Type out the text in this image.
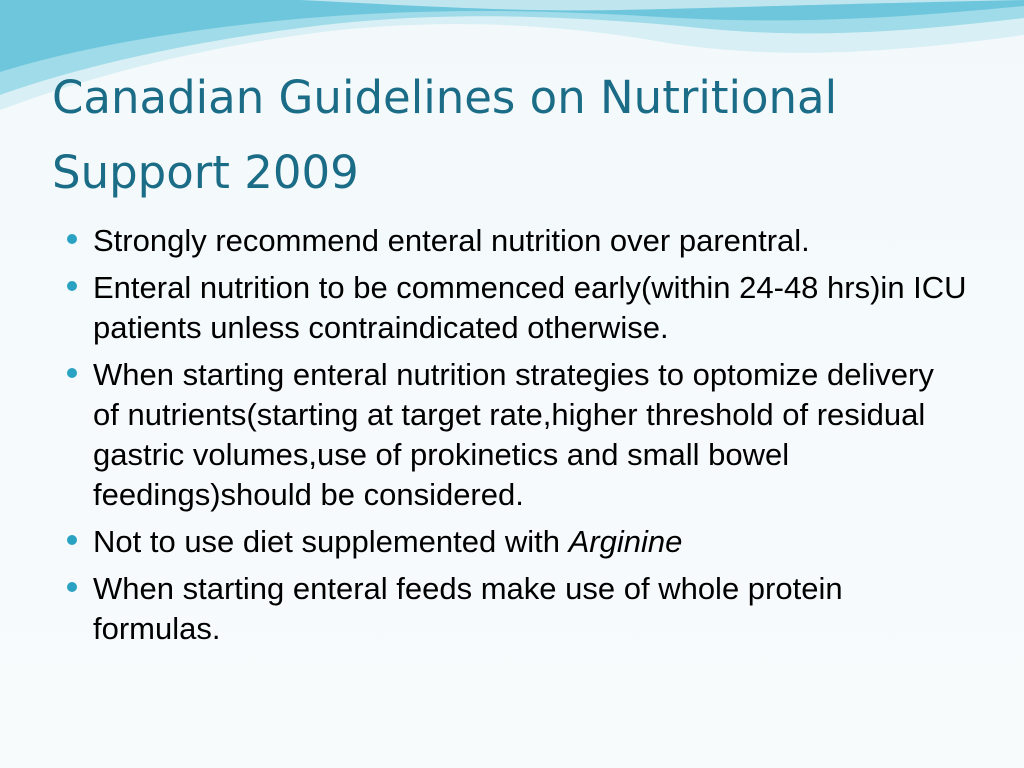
Canadian Guidelines on Nutritional Support 2009
Strongly recommend enteral nutrition over parentral.
Enteral nutrition to be commenced early(within 24-48 hrs)in ICU patients unless contraindicated otherwise.
When starting enteral nutrition strategies to optomize delivery of nutrients(starting at target rate,higher threshold of residual gastric volumes,use of prokinetics and small bowel feedings)should be considered.
Not to use diet supplemented with Arginine
When starting enteral feeds make use of whole protein formulas.
